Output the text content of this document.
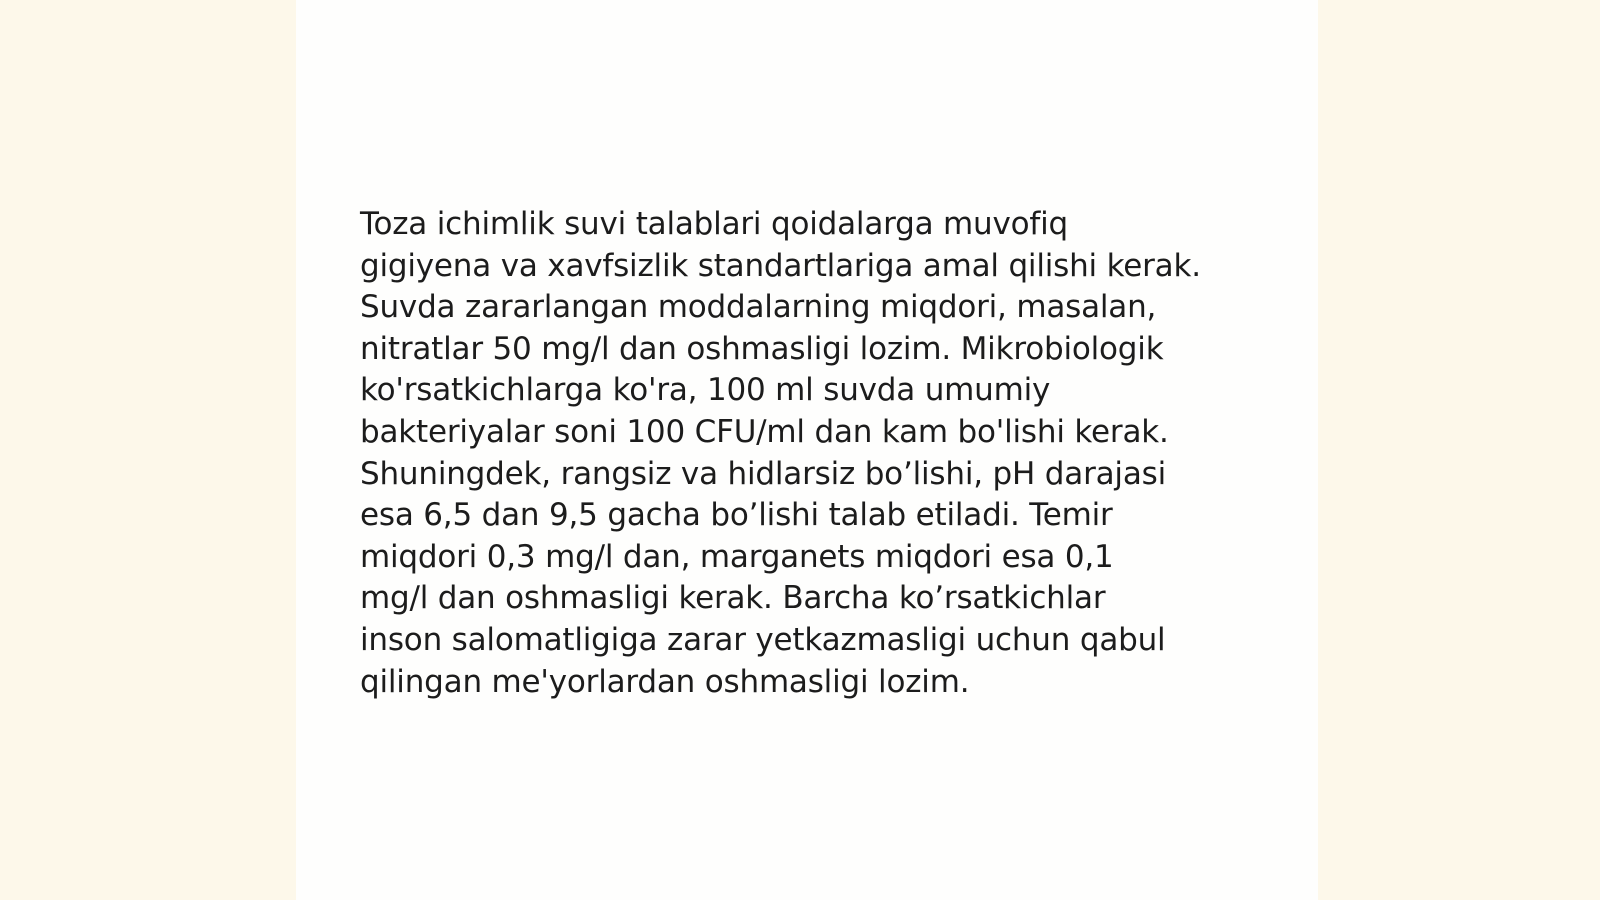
Toza ichimlik suvi talablari qoidalarga muvofiq
gigiyena va xavfsizlik standartlariga amal qilishi kerak.
Suvda zararlangan moddalarning miqdori, masalan,
nitratlar 50 mg/l dan oshmasligi lozim. Mikrobiologik
ko'rsatkichlarga ko'ra, 100 ml suvda umumiy
bakteriyalar soni 100 CFU/ml dan kam bo'lishi kerak.
Shuningdek, rangsiz va hidlarsiz bo’lishi, pH darajasi
esa 6,5 dan 9,5 gacha bo’lishi talab etiladi. Temir
miqdori 0,3 mg/l dan, marganets miqdori esa 0,1
mg/l dan oshmasligi kerak. Barcha ko’rsatkichlar
inson salomatligiga zarar yetkazmasligi uchun qabul
qilingan me'yorlardan oshmasligi lozim.
